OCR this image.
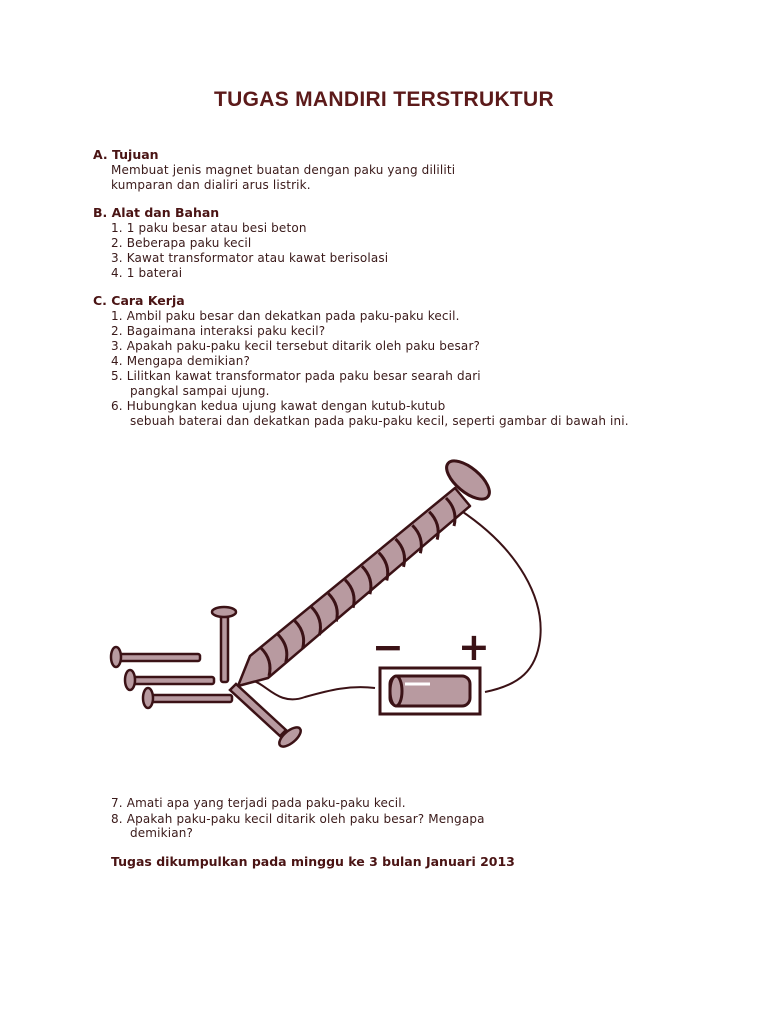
TUGAS MANDIRI TERSTRUKTUR
A. Tujuan
Membuat jenis magnet buatan dengan paku yang dililiti
kumparan dan dialiri arus listrik.
B. Alat dan Bahan
1. 1 paku besar atau besi beton
2. Beberapa paku kecil
3. Kawat transformator atau kawat berisolasi
4. 1 baterai
C. Cara Kerja
1. Ambil paku besar dan dekatkan pada paku-paku kecil.
2. Bagaimana interaksi paku kecil?
3. Apakah paku-paku kecil tersebut ditarik oleh paku besar?
4. Mengapa demikian?
5. Lilitkan kawat transformator pada paku besar searah dari
pangkal sampai ujung.
6. Hubungkan kedua ujung kawat dengan kutub-kutub
sebuah baterai dan dekatkan pada paku-paku kecil, seperti gambar di bawah ini.
− +
7. Amati apa yang terjadi pada paku-paku kecil.
8. Apakah paku-paku kecil ditarik oleh paku besar? Mengapa
demikian?
Tugas dikumpulkan pada minggu ke 3 bulan Januari 2013
